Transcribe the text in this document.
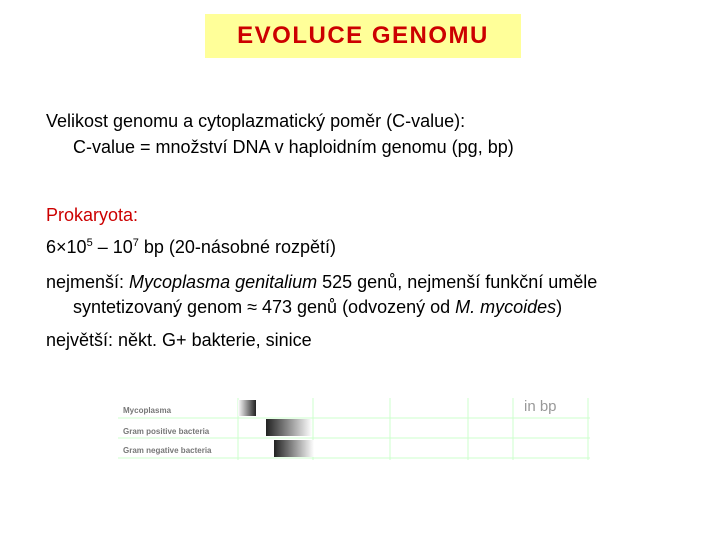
EVOLUCE GENOMU
Velikost genomu a cytoplazmatický poměr (C-value):
C-value = množství DNA v haploidním genomu (pg, bp)
Prokaryota:
$6\times 10^5 - 10^7$ bp (20-násobné rozpětí)
nejmenší: Mycoplasma genitalium 525 genů, nejmenší funkční uměle
syntetizovaný genom ≈ 473 genů (odvozený od M. mycoides)
největší: někt. G+ bakterie, sinice
in bp
Mycoplasma
Gram positive bacteria
Gram negative bacteria
